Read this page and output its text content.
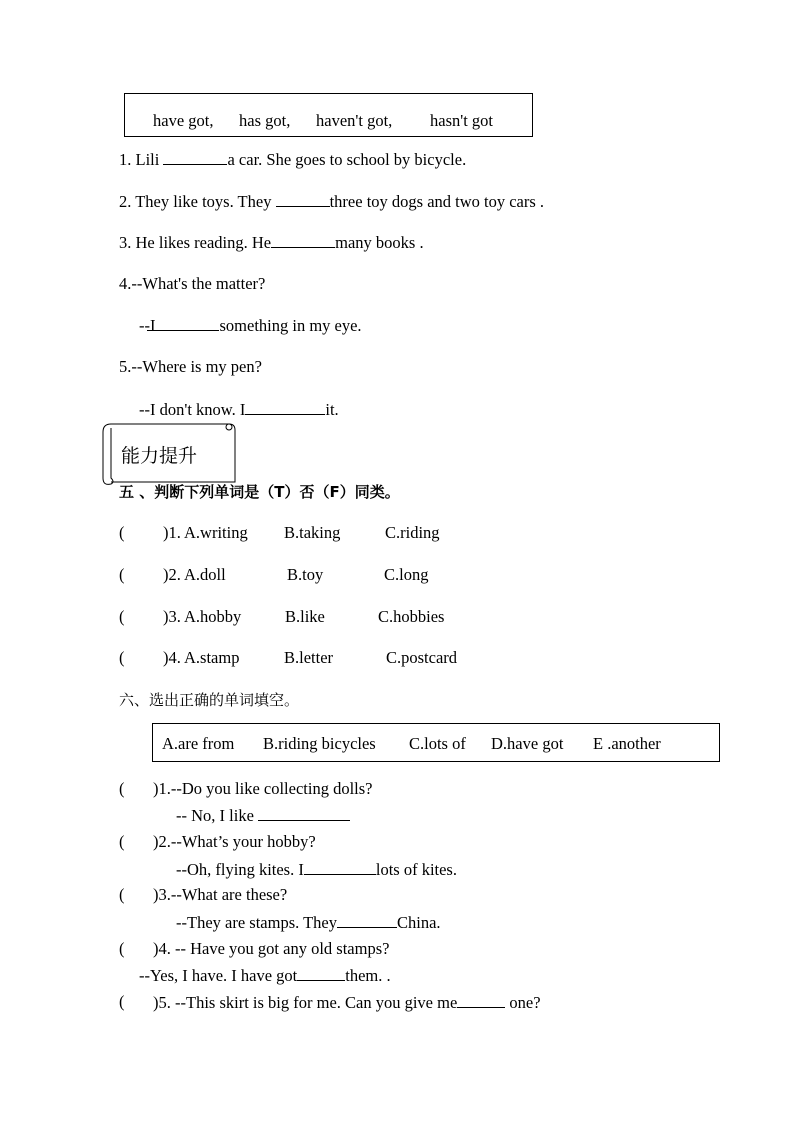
have got, has got, haven't got, hasn't got
1. Lili	a car. She goes to school by bicycle.
2. They like toys. They	three toy dogs and two toy cars .
3. He likes reading. He	many books .
4.--What's the matter?
--I	something in my eye.
5.--Where is my pen?
--I don't know. I	it.
能力提升
五 、判断下列单词是（T）否（F）同类。
( )1. A.writing B.taking	C.riding
( )2. A.doll	B.toy	C.long
( )3. A.hobby	B.like	C.hobbies
( )4. A.stamp	B.letter	C.postcard
六、选出正确的单词填空。
A.are from B.riding bicycles C.lots of D.have got E .another
( )1.--Do you like collecting dolls?
-- No, I like
( )2.--What’s your hobby?
--Oh, flying kites. I	lots of kites.
( )3.--What are these?
--They are stamps. They	China.
( )4. -- Have you got any old stamps?
--Yes, I have. I have got	them. .
( )5. --This skirt is big for me. Can you give me	one?
